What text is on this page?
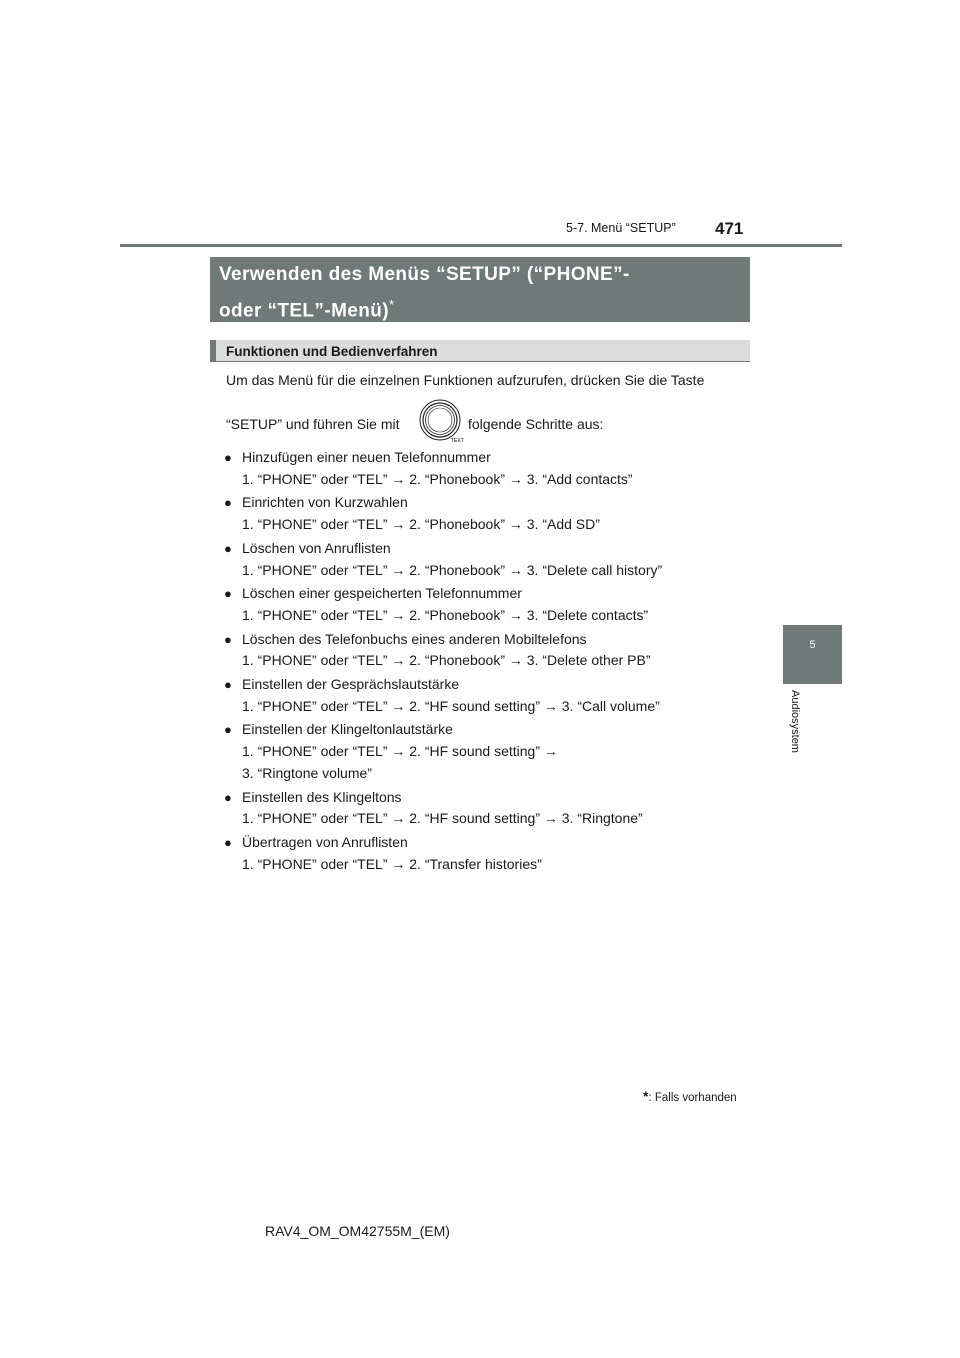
5-7. Menü “SETUP” 471
5
Audiosystem
Verwenden des Menüs “SETUP” (“PHONE”-
oder “TEL”-Menü)*
Funktionen und Bedienverfahren
Um das Menü für die einzelnen Funktionen aufzurufen, drücken Sie die Taste
“SETUP” und führen Sie mit	folgende Schritte aus:
TEXT
● Hinzufügen einer neuen Telefonnummer
1. “PHONE” oder “TEL” → 2. “Phonebook” → 3. “Add contacts”
● Einrichten von Kurzwahlen
1. “PHONE” oder “TEL” → 2. “Phonebook” → 3. “Add SD”
● Löschen von Anruflisten
1. “PHONE” oder “TEL” → 2. “Phonebook” → 3. “Delete call history”
● Löschen einer gespeicherten Telefonnummer
1. “PHONE” oder “TEL” → 2. “Phonebook” → 3. “Delete contacts”
● Löschen des Telefonbuchs eines anderen Mobiltelefons
1. “PHONE” oder “TEL” → 2. “Phonebook” → 3. “Delete other PB”
● Einstellen der Gesprächslautstärke
1. “PHONE” oder “TEL” → 2. “HF sound setting” → 3. “Call volume”
● Einstellen der Klingeltonlautstärke
1. “PHONE” oder “TEL” → 2. “HF sound setting” →
3. “Ringtone volume”
● Einstellen des Klingeltons
1. “PHONE” oder “TEL” → 2. “HF sound setting” → 3. “Ringtone”
● Übertragen von Anruflisten
1. “PHONE” oder “TEL” → 2. “Transfer histories”
*: Falls vorhanden
RAV4_OM_OM42755M_(EM)
